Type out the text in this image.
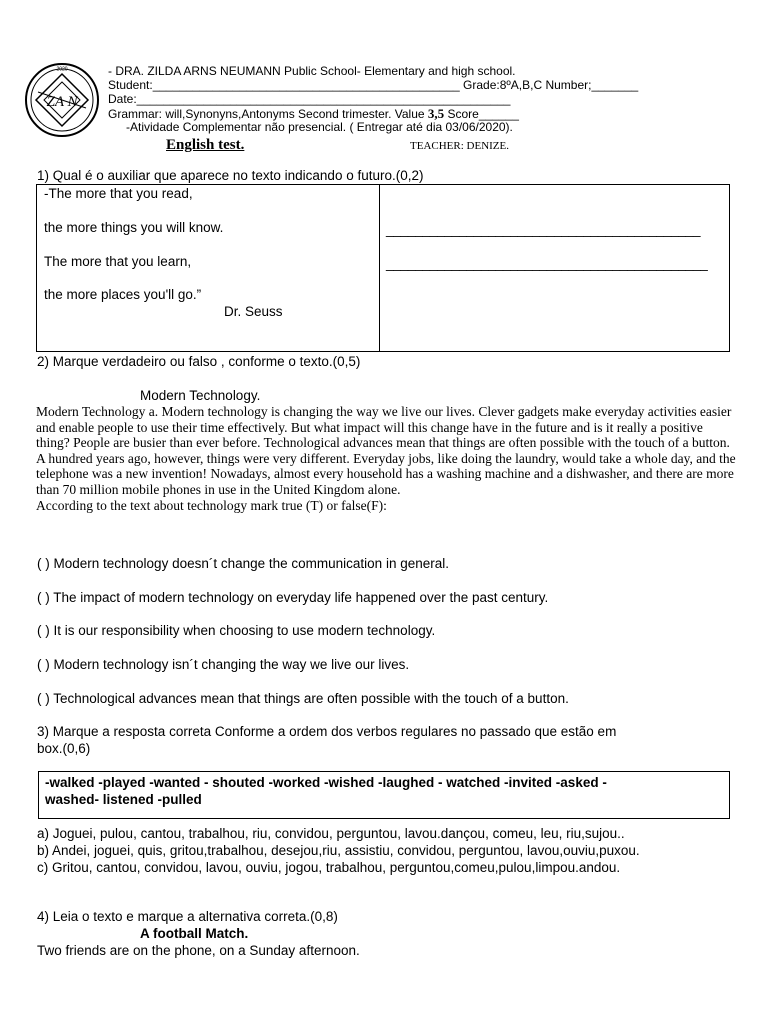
2020
ZA N
- DRA. ZILDA ARNS NEUMANN Public School- Elementary and high school.
Student:______________________________________________ Grade:8ºA,B,C Number;_______
Date:________________________________________________________
Grammar: will,Synonyns,Antonyms Second trimester. Value 3,5 Score______
-Atividade Complementar não presencial. ( Entregar até dia 03/06/2020).
English test.	TEACHER: DENIZE.
1) Qual é o auxiliar que aparece no texto indicando o futuro.(0,2)
-The more that you read,
the more things you will know.
The more that you learn,
the more places you'll go.”
Dr. Seuss
___________________________________________
____________________________________________
2) Marque verdadeiro ou falso , conforme o texto.(0,5)
Modern Technology.
Modern Technology a. Modern technology is changing the way we live our lives. Clever gadgets make everyday activities easier and enable people to use their time effectively. But what impact will this change have in the future and is it really a positive thing? People are busier than ever before. Technological advances mean that things are often possible with the touch of a button. A hundred years ago, however, things were very different. Everyday jobs, like doing the laundry, would take a whole day, and the telephone was a new invention! Nowadays, almost every household has a washing machine and a dishwasher, and there are more than 70 million mobile phones in use in the United Kingdom alone.
According to the text about technology mark true (T) or false(F):
( ) Modern technology doesn´t change the communication in general.
( ) The impact of modern technology on everyday life happened over the past century.
( ) It is our responsibility when choosing to use modern technology.
( ) Modern technology isn´t changing the way we live our lives.
( ) Technological advances mean that things are often possible with the touch of a button.
3) Marque a resposta correta Conforme a ordem dos verbos regulares no passado que estão em
box.(0,6)
-walked -played -wanted - shouted -worked -wished -laughed - watched -invited -asked -
washed- listened -pulled
a) Joguei, pulou, cantou, trabalhou, riu, convidou, perguntou, lavou.dançou, comeu, leu, riu,sujou..
b) Andei, joguei, quis, gritou,trabalhou, desejou,riu, assistiu, convidou, perguntou, lavou,ouviu,puxou.
c) Gritou, cantou, convidou, lavou, ouviu, jogou, trabalhou, perguntou,comeu,pulou,limpou.andou.
4) Leia o texto e marque a alternativa correta.(0,8)
A football Match.
Two friends are on the phone, on a Sunday afternoon.
